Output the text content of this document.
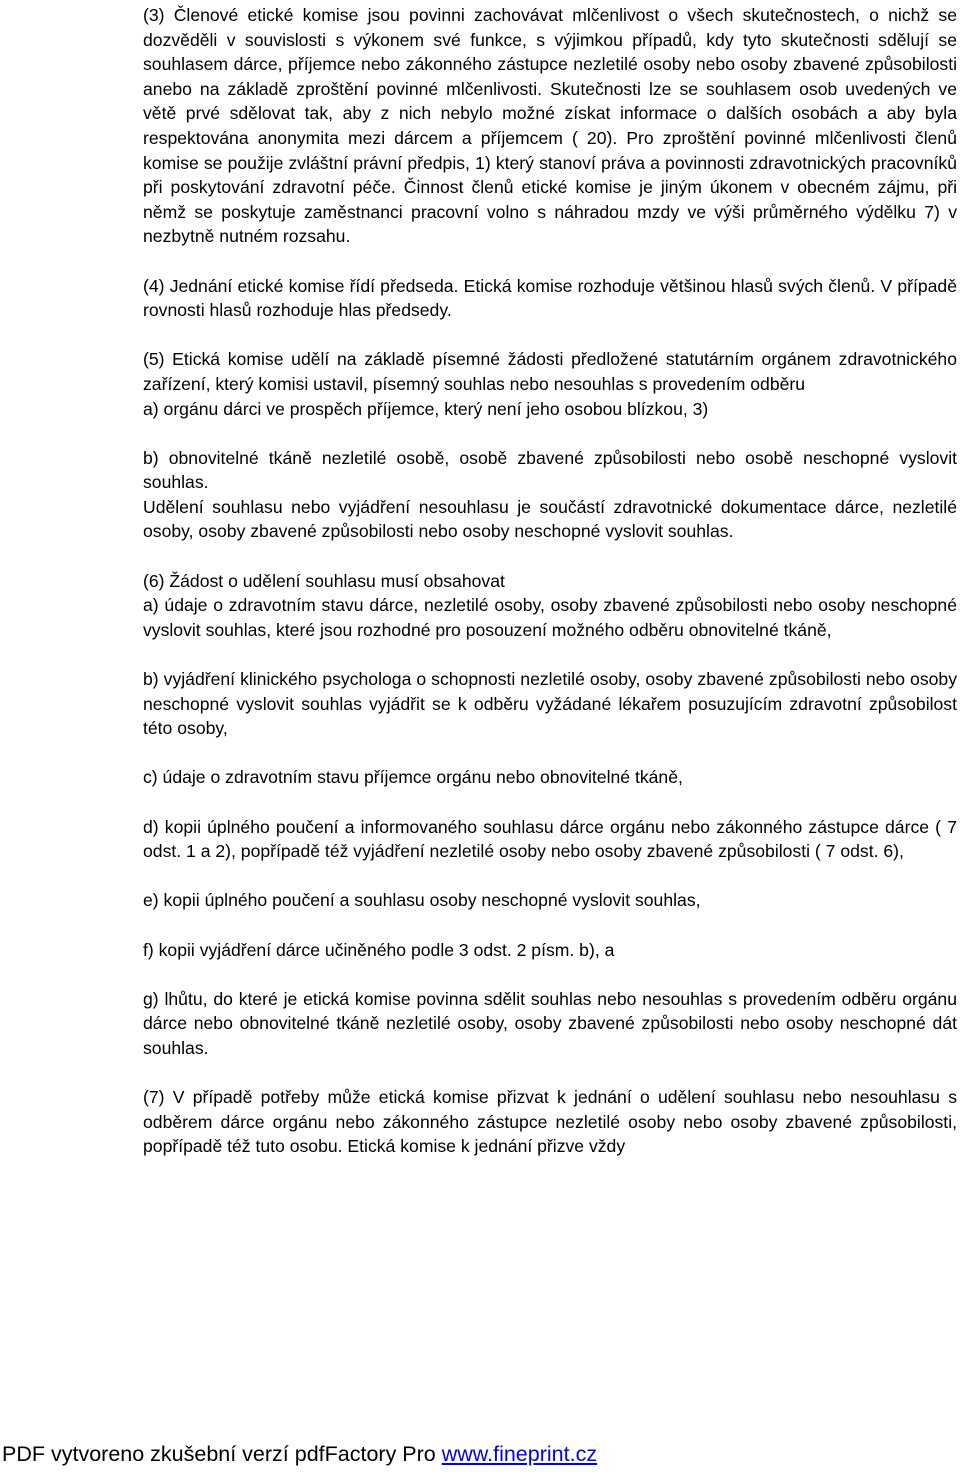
(3) Členové etické komise jsou povinni zachovávat mlčenlivost o všech skutečnostech, o nichž se dozvěděli v souvislosti s výkonem své funkce, s výjimkou případů, kdy tyto skutečnosti sdělují se souhlasem dárce, příjemce nebo zákonného zástupce nezletilé osoby nebo osoby zbavené způsobilosti anebo na základě zproštění povinné mlčenlivosti. Skutečnosti lze se souhlasem osob uvedených ve větě prvé sdělovat tak, aby z nich nebylo možné získat informace o dalších osobách a aby byla respektována anonymita mezi dárcem a příjemcem ( 20). Pro zproštění povinné mlčenlivosti členů komise se použije zvláštní právní předpis, 1) který stanoví práva a povinnosti zdravotnických pracovníků při poskytování zdravotní péče. Činnost členů etické komise je jiným úkonem v obecném zájmu, při němž se poskytuje zaměstnanci pracovní volno s náhradou mzdy ve výši průměrného výdělku 7) v nezbytně nutném rozsahu.

(4) Jednání etické komise řídí předseda. Etická komise rozhoduje většinou hlasů svých členů. V případě rovnosti hlasů rozhoduje hlas předsedy.

(5) Etická komise udělí na základě písemné žádosti předložené statutárním orgánem zdravotnického zařízení, který komisi ustavil, písemný souhlas nebo nesouhlas s provedením odběru

a) orgánu dárci ve prospěch příjemce, který není jeho osobou blízkou, 3)

b) obnovitelné tkáně nezletilé osobě, osobě zbavené způsobilosti nebo osobě neschopné vyslovit souhlas.

Udělení souhlasu nebo vyjádření nesouhlasu je součástí zdravotnické dokumentace dárce, nezletilé osoby, osoby zbavené způsobilosti nebo osoby neschopné vyslovit souhlas.

(6) Žádost o udělení souhlasu musí obsahovat

a) údaje o zdravotním stavu dárce, nezletilé osoby, osoby zbavené způsobilosti nebo osoby neschopné vyslovit souhlas, které jsou rozhodné pro posouzení možného odběru obnovitelné tkáně,

b) vyjádření klinického psychologa o schopnosti nezletilé osoby, osoby zbavené způsobilosti nebo osoby neschopné vyslovit souhlas vyjádřit se k odběru vyžádané lékařem posuzujícím zdravotní způsobilost této osoby,

c) údaje o zdravotním stavu příjemce orgánu nebo obnovitelné tkáně,

d) kopii úplného poučení a informovaného souhlasu dárce orgánu nebo zákonného zástupce dárce ( 7 odst. 1 a 2), popřípadě též vyjádření nezletilé osoby nebo osoby zbavené způsobilosti ( 7 odst. 6),

e) kopii úplného poučení a souhlasu osoby neschopné vyslovit souhlas,

f) kopii vyjádření dárce učiněného podle 3 odst. 2 písm. b), a

g) lhůtu, do které je etická komise povinna sdělit souhlas nebo nesouhlas s provedením odběru orgánu dárce nebo obnovitelné tkáně nezletilé osoby, osoby zbavené způsobilosti nebo osoby neschopné dát souhlas.

(7) V případě potřeby může etická komise přizvat k jednání o udělení souhlasu nebo nesouhlasu s odběrem dárce orgánu nebo zákonného zástupce nezletilé osoby nebo osoby zbavené způsobilosti, popřípadě též tuto osobu. Etická komise k jednání přizve vždy

PDF vytvoreno zkušební verzí pdfFactory Pro www.fineprint.cz
